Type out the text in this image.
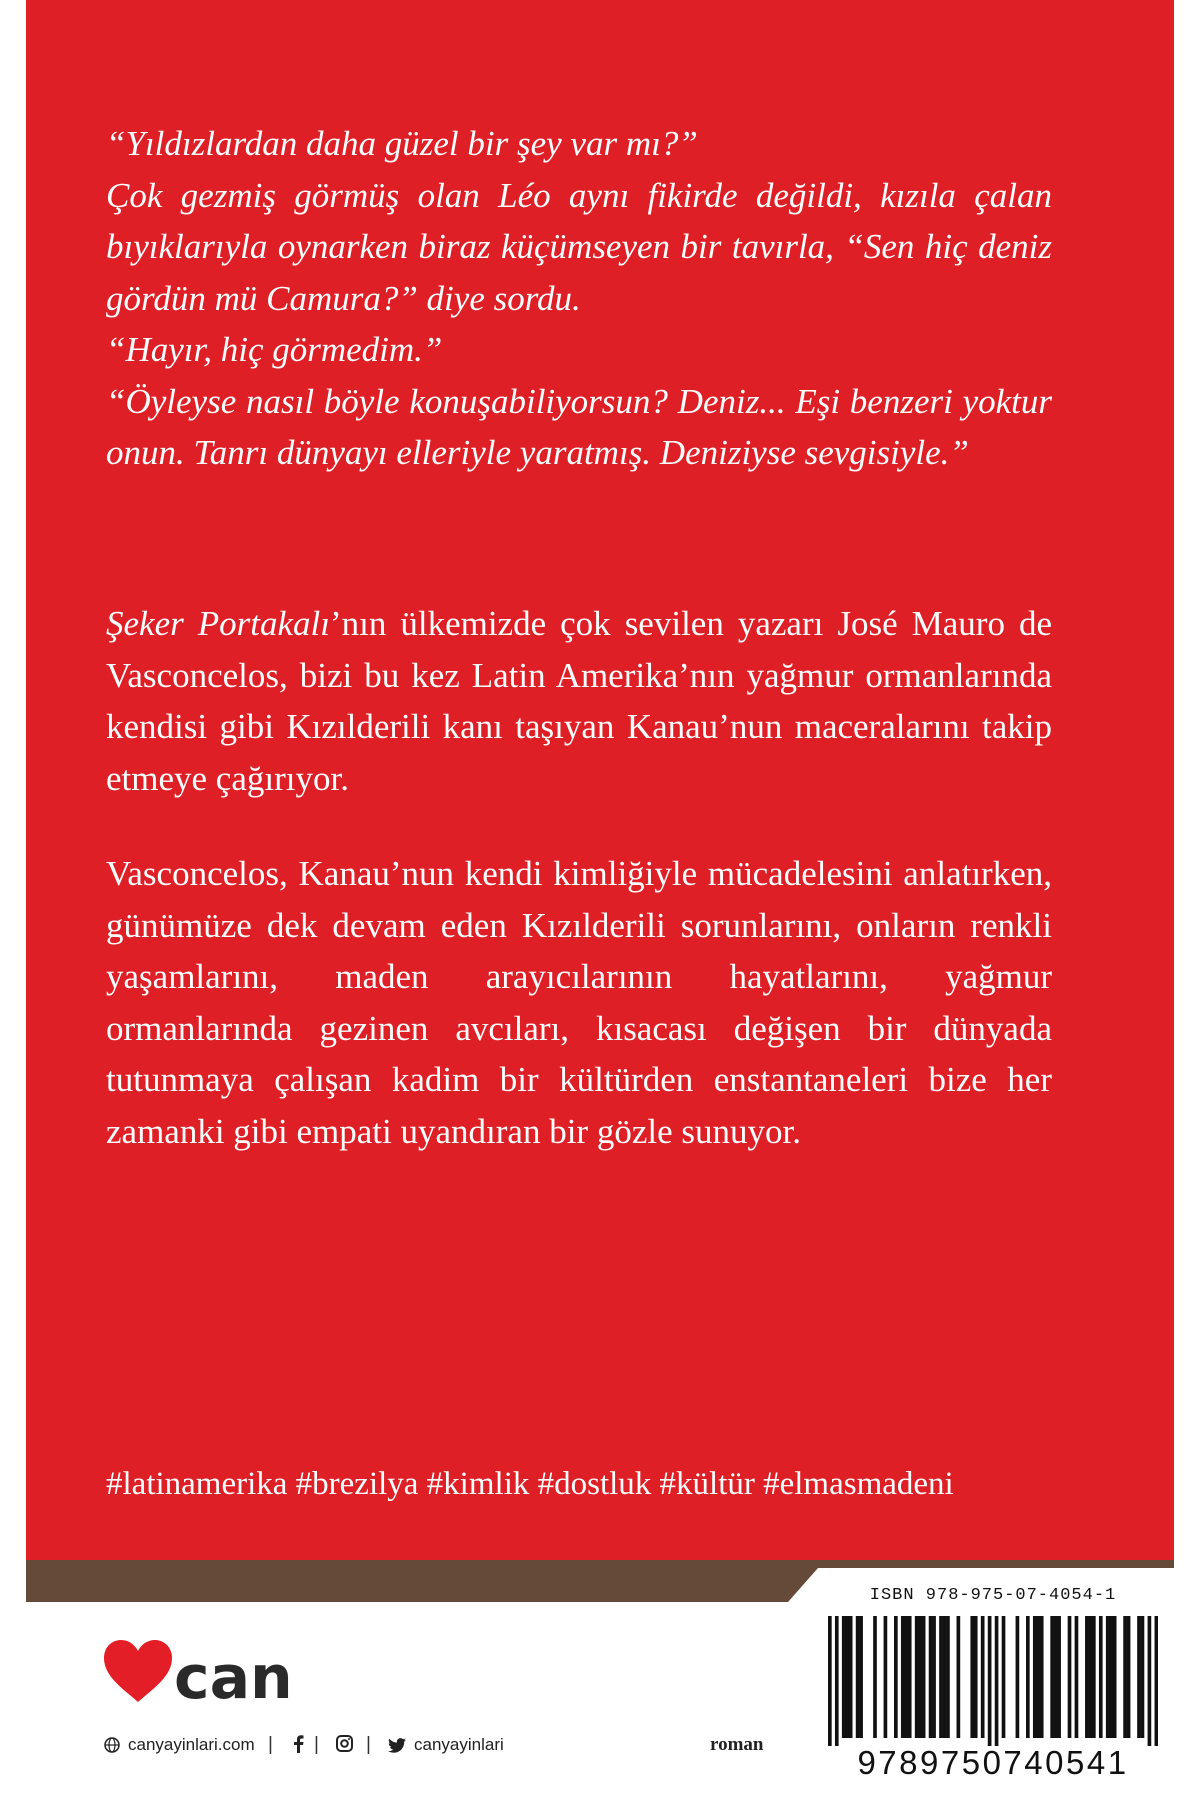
“Yıldızlardan daha güzel bir şey var mı?”

Çok gezmiş görmüş olan Léo aynı fikirde değildi, kızıla çalan bıyıklarıyla oynarken biraz küçümseyen bir tavırla, “Sen hiç deniz gördün mü Camura?” diye sordu.

“Hayır, hiç görmedim.”

“Öyleyse nasıl böyle konuşabiliyorsun? Deniz... Eşi benzeri yoktur onun. Tanrı dünyayı elleriyle yaratmış. Deniziyse sevgisiyle.”

Şeker Portakalı’nın ülkemizde çok sevilen yazarı José Mauro de Vasconcelos, bizi bu kez Latin Amerika’nın yağmur ormanlarında kendisi gibi Kızılderili kanı taşıyan Kanau’nun maceralarını takip etmeye çağırıyor.

Vasconcelos, Kanau’nun kendi kimliğiyle mücadelesini anlatırken, günümüze dek devam eden Kızılderili sorunlarını, onların renkli yaşamlarını, maden arayıcılarının hayatlarını, yağmur ormanlarında gezinen avcıları, kısacası değişen bir dünyada tutunmaya çalışan kadim bir kültürden enstantaneleri bize her zamanki gibi empati uyandıran bir gözle sunuyor.

#latinamerika #brezilya #kimlik #dostluk #kültür #elmasmadeni
can
canyayinlari.com | | |	canyayinlari	roman
ISBN 978-975-07-4054-1
9789750740541
